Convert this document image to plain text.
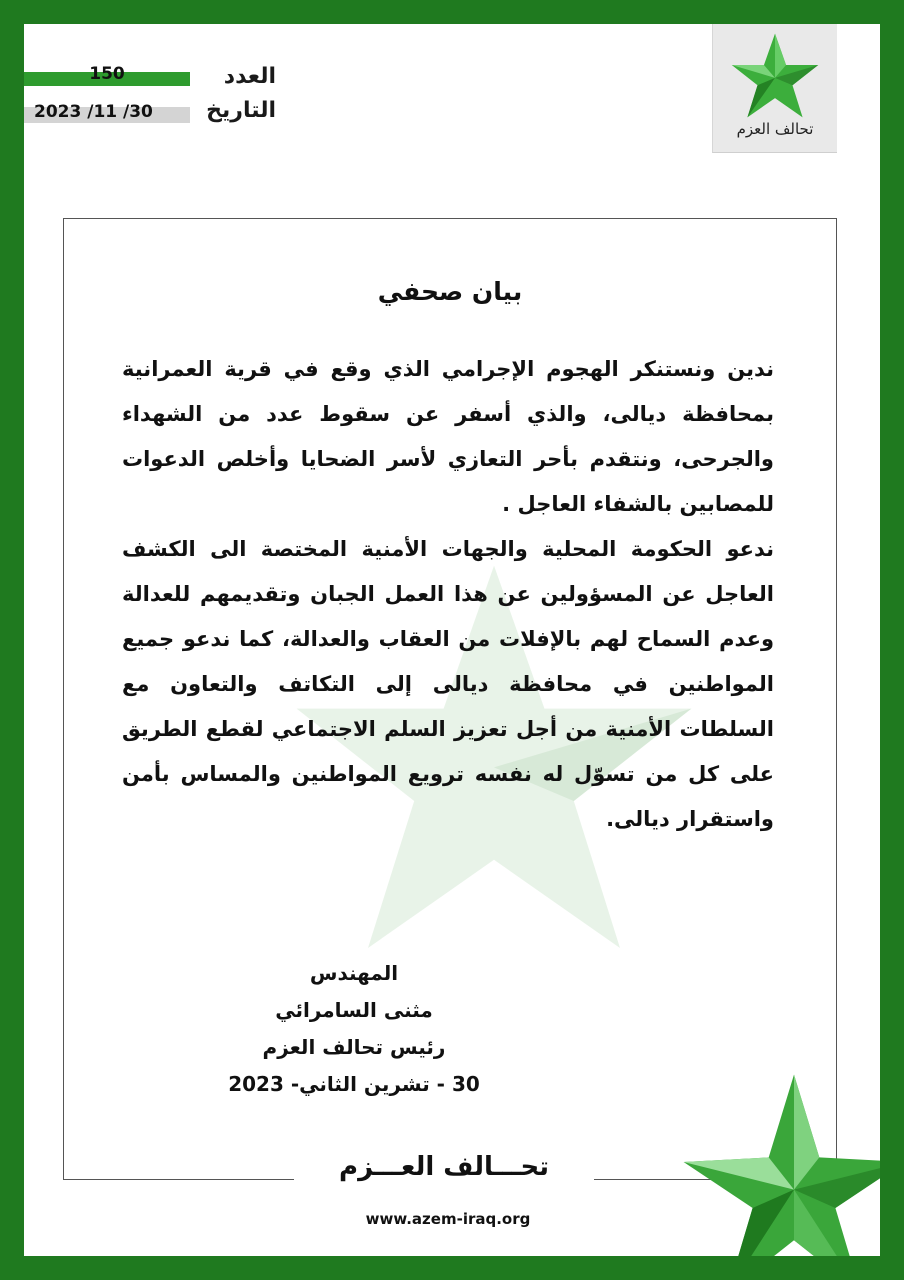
تحالف العزم
150	العدد
2023 /11 /30	التاريخ
بيان صحفي

ندين ونستنكر الهجوم الإجرامي الذي وقع في قرية العمرانية بمحافظة ديالى، والذي أسفر عن سقوط عدد من الشهداء والجرحى، ونتقدم بأحر التعازي لأسر الضحايا وأخلص الدعوات للمصابين بالشفاء العاجل .

ندعو الحكومة المحلية والجهات الأمنية المختصة الى الكشف العاجل عن المسؤولين عن هذا العمل الجبان وتقديمهم للعدالة وعدم السماح لهم بالإفلات من العقاب والعدالة، كما ندعو جميع المواطنين في محافظة ديالى إلى التكاتف والتعاون مع السلطات الأمنية من أجل تعزيز السلم الاجتماعي لقطع الطريق على كل من تسوّل له نفسه ترويع المواطنين والمساس بأمن واستقرار ديالى.

المهندس
مثنى السامرائي
رئيس تحالف العزم
30 - تشرين الثاني- 2023
تحـــالف العـــزم
www.azem-iraq.org
